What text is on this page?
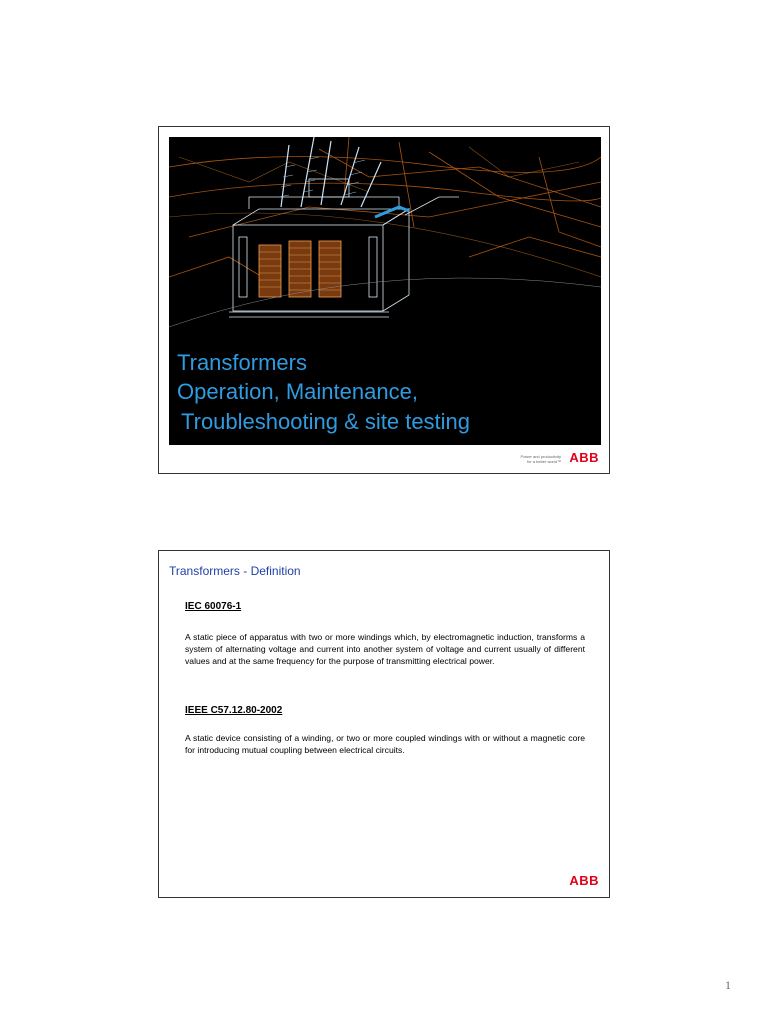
Transformers
Operation, Maintenance,
Troubleshooting & site testing
Power and productivity
for a better world™ ABB
Transformers - Definition
IEC 60076-1
A static piece of apparatus with two or more windings which, by electromagnetic induction, transforms a system of alternating voltage and current into another system of voltage and current usually of different values and at the same frequency for the purpose of transmitting electrical power.
IEEE C57.12.80-2002
A static device consisting of a winding, or two or more coupled windings with or without a magnetic core for introducing mutual coupling between electrical circuits.
ABB
1
